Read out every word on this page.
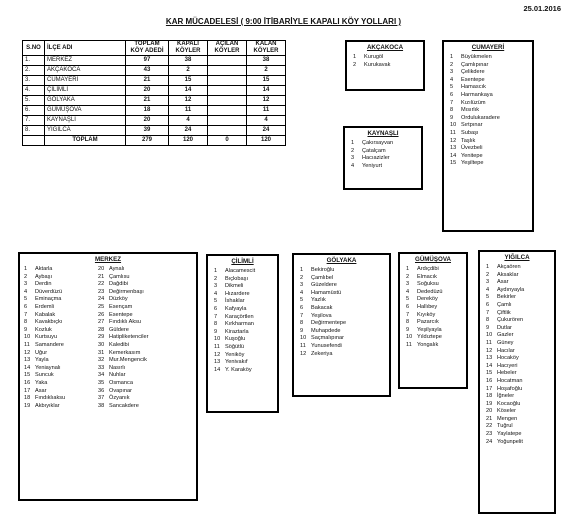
25.01.2016
KAR MÜCADELESİ ( 9:00 İTİBARİYLE KAPALI KÖY YOLLARI )
S.NO	İLÇE ADI	TOPLAM KÖY ADEDİ	KAPALI KÖYLER	AÇILAN KÖYLER	KALAN KÖYLER
1.	MERKEZ	97	38		38
2.	AKÇAKOCA	43	2		2
3.	CUMAYERİ	21	15		15
4.	ÇİLİMLİ	20	14		14
5.	GÖLYAKA	21	12		12
6.	GÜMÜŞOVA	18	11		11
7.	KAYNAŞLI	20	4		4
8.	YIĞILCA	39	24		24
	TOPLAM	279	120	0	120
AKÇAKOCA
1 Kurugöl
2 Kurukavak
KAYNAŞLI
1 Çakırsayvan
2 Çatalçam
3 Hacıazizler
4 Yeniyurt
CUMAYERİ
1 Büyükmelen
2 Çamlıpınar
3 Çelikdere
4 Esentepe
5 Hamascık
6 Harmankaya
7 Kızılüzüm
8 Mısırlık
9 Ordulukaradere
10 Sırtpınar
11 Subaşı
12 Taşlık
13 Üvezbeli
14 Yenitepe
15 Yeşiltepe
MERKEZ
1 Aktarla
2 Aybaşı
3 Derdin
4 Düverdüzü
5 Eminaçma
6 Erdemli
7 Kabalak
8 Kavakbıçkı
9 Kozluk
10 Kurtsuyu
11 Samandere
12 Uğur
13 Yayla
14 Yeniaynalı
15 Suncuk
16 Yaka
17 Asar
18 Fındıklıaksu
19 Akbıyıklar
20 Aynalı
21 Çamlısu
22 Dağdibi
23 Değirmenbaşı
24 Düzköy
25 Esençam
26 Esentepe
27 Fındıklı Aksu
28 Güldere
29 Hatipliketenciler
30 Kaledibi
31 Kemerkasım
32 Mur.Mengencik
33 Nasırlı
34 Nuhlar
35 Osmanca
36 Ovapınar
37 Özyanık
38 Sancakdere
ÇİLİMLİ
1 Alacamescit
2 Bıçkıbaşı
3 Dikmeli
4 Hızardere
5 İshaklar
6 Kafyayla
7 Karaçörtlen
8 Kırkharman
9 Kiraztarla
10 Kuşoğlu
11 Söğütlü
12 Yeniköy
13 Yenivakıf
14 Y. Karaköy
GÖLYAKA
1 Bekiroğlu
2 Çamlıbel
3 Güzeldere
4 Hamamüstü
5 Yazlık
6 Bakacak
7 Yeşilova
8 Değirmentepe
9 Muhapdede
10 Saçmalıpınar
11 Yunusefendi
12 Zekeriya
GÜMÜŞOVA
1 Ardıçdibi
2 Elmacık
3 Soğuksu
4 Dededüzü
5 Dereköy
6 Hallıbey
7 Kıyıköy
8 Pazarcık
9 Yeşilyayla
10 Yıldıztepe
11 Yongalık
YIĞILCA
1 Akçaören
2 Aksaklar
3 Asar
4 Aydınyayla
5 Bekirler
6 Çamlı
7 Çiftlik
8 Çukurören
9 Dutlar
10 Gazler
11 Güney
12 Hacılar
13 Hocaköy
14 Hacıyeri
15 Hebeler
16 Hocatman
17 Hoşafoğlu
18 İğneler
19 Kocaoğlu
20 Köseler
21 Mengen
22 Tuğrul
23 Yaylatepe
24 Yoğunpelit
